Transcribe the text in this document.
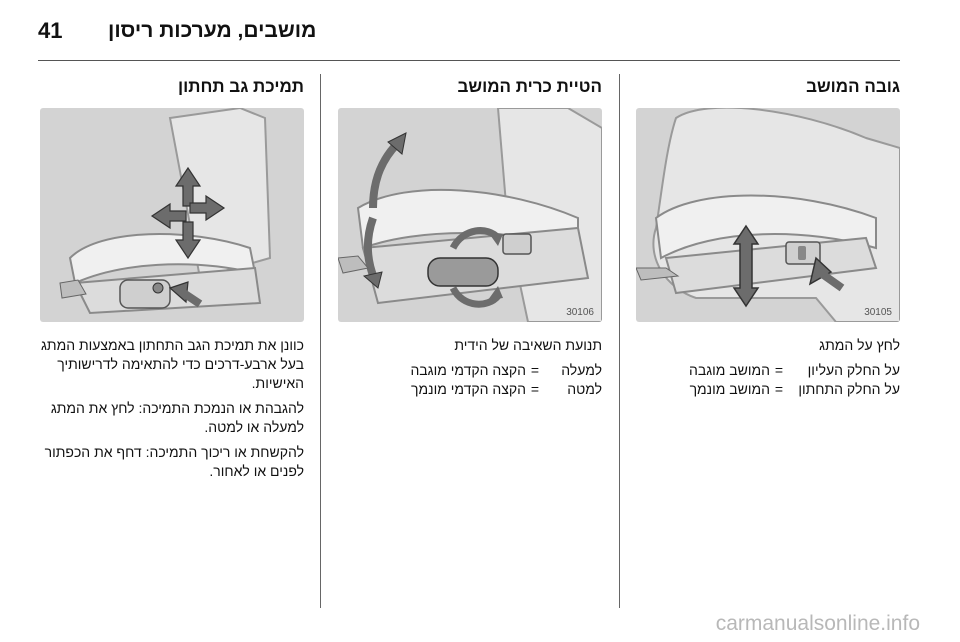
41 מושבים, מערכות ריסון
גובה המושב
30105

לחץ על המתג

על החלק העליון
=
המושב מוגבה
על החלק התחתון
=
המושב מונמך
הטיית כרית המושב
30106

תנועת השאיבה של הידית

למעלה
=
הקצה הקדמי מוגבה
למטה
=
הקצה הקדמי מונמך
תמיכת גב תחתון

כוונן את תמיכת הגב התחתון באמצעות המתג בעל ארבע-דרכים כדי להתאימה לדרישותיך האישיות.

להגבהת או הנמכת התמיכה: לחץ את המתג למעלה או למטה.

להקשחת או ריכוך התמיכה: דחף את הכפתור לפנים או לאחור.

carmanualsonline.info
